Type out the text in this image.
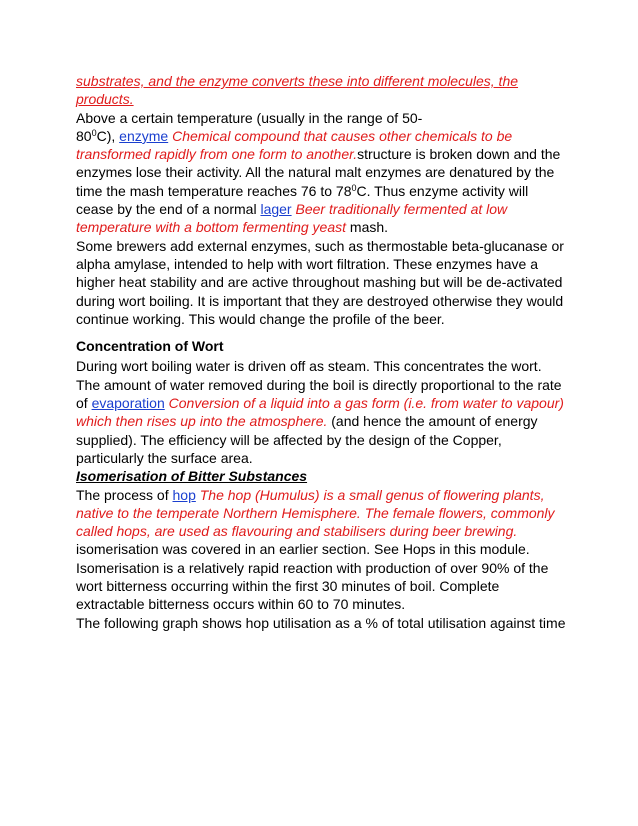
substrates, and the enzyme converts these into different molecules, the products.

Above a certain temperature (usually in the range of 50-
$80^0C$), enzyme Chemical compound that causes other chemicals to be transformed rapidly from one form to another.structure is broken down and the enzymes lose their activity. All the natural malt enzymes are denatured by the time the mash temperature reaches 76 to $78^0C$. Thus enzyme activity will cease by the end of a normal lager Beer traditionally fermented at low temperature with a bottom fermenting yeast mash.

Some brewers add external enzymes, such as thermostable beta-glucanase or alpha amylase, intended to help with wort filtration. These enzymes have a higher heat stability and are active throughout mashing but will be de-activated during wort boiling. It is important that they are destroyed otherwise they would continue working. This would change the profile of the beer.

Concentration of Wort

During wort boiling water is driven off as steam. This concentrates the wort. The amount of water removed during the boil is directly proportional to the rate of evaporation Conversion of a liquid into a gas form (i.e. from water to vapour) which then rises up into the atmosphere. (and hence the amount of energy supplied). The efficiency will be affected by the design of the Copper, particularly the surface area.

Isomerisation of Bitter Substances

The process of hop The hop (Humulus) is a small genus of flowering plants, native to the temperate Northern Hemisphere. The female flowers, commonly called hops, are used as flavouring and stabilisers during beer brewing. isomerisation was covered in an earlier section. See Hops in this module.

Isomerisation is a relatively rapid reaction with production of over 90% of the wort bitterness occurring within the first 30 minutes of boil. Complete extractable bitterness occurs within 60 to 70 minutes.

The following graph shows hop utilisation as a % of total utilisation against time
